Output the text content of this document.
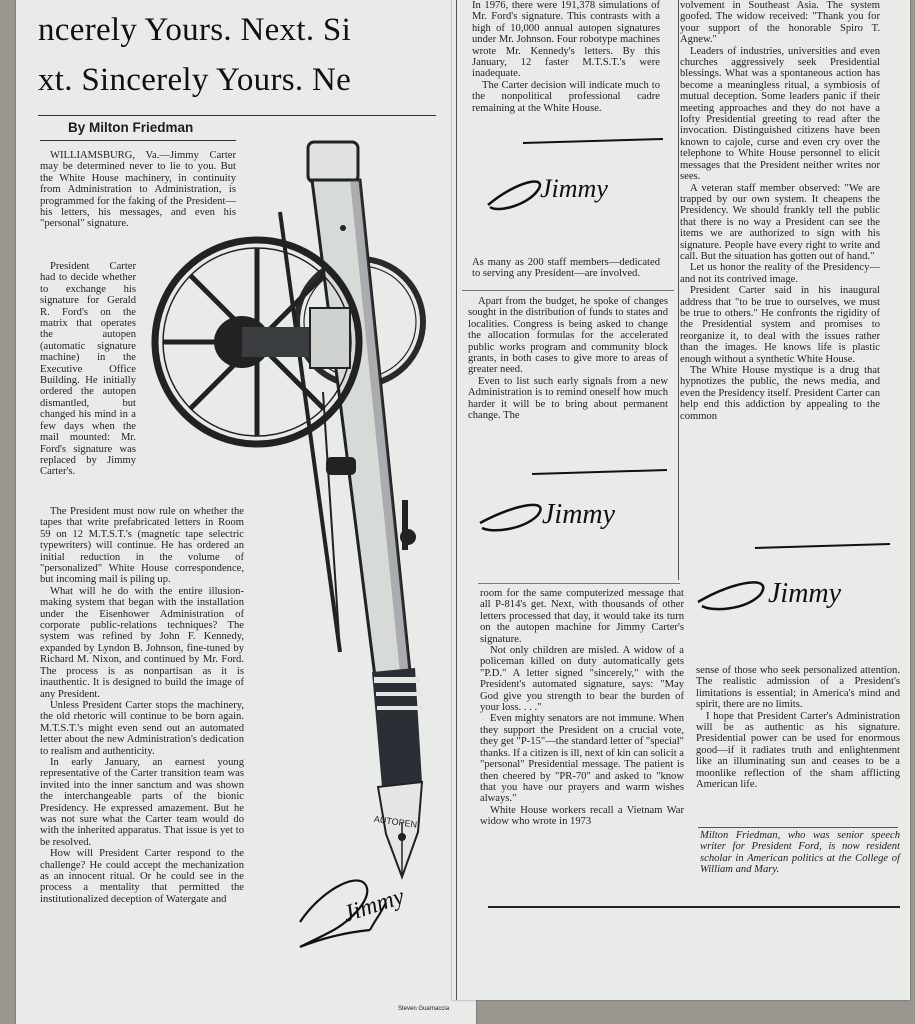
ncerely Yours. Next. Si
xt. Sincerely Yours. Ne
By Milton Friedman

WILLIAMSBURG, Va.—Jimmy Carter may be determined never to lie to you. But the White House machinery, in continuity from Administration to Administration, is programmed for the faking of the President—his letters, his messages, and even his "personal" signature.

President Carter had to decide whether to exchange his signature for Gerald R. Ford's on the matrix that operates the autopen (automatic signature machine) in the Executive Office Building. He initially ordered the autopen dismantled, but changed his mind in a few days when the mail mounted: Mr. Ford's signature was replaced by Jimmy Carter's.

The President must now rule on whether the tapes that write prefabricated letters in Room 59 on 12 M.T.S.T.'s (magnetic tape selectric typewriters) will continue. He has ordered an initial reduction in the volume of "personalized" White House correspondence, but incoming mail is piling up.

What will he do with the entire illusion-making system that began with the installation under the Eisenhower Administration of corporate public-relations techniques? The system was refined by John F. Kennedy, expanded by Lyndon B. Johnson, fine-tuned by Richard M. Nixon, and continued by Mr. Ford. The process is as nonpartisan as it is inauthentic. It is designed to build the image of any President.

Unless President Carter stops the machinery, the old rhetoric will continue to be born again. M.T.S.T.'s might even send out an automated letter about the new Administration's dedication to realism and authenticity.

In early January, an earnest young representative of the Carter transition team was invited into the inner sanctum and was shown the interchangeable parts of the bionic Presidency. He expressed amazement. But he was not sure what the Carter team would do with the inherited apparatus. That issue is yet to be resolved.

How will President Carter respond to the challenge? He could accept the mechanization as an innocent ritual. Or he could see in the process a mentality that permitted the institutionalized deception of Watergate and

AUTOPEN
Jimmy
Steven Guarnaccia

In 1976, there were 191,378 simulations of Mr. Ford's signature. This contrasts with a high of 10,000 annual autopen signatures under Mr. Johnson. Four robotype machines wrote Mr. Kennedy's letters. By this January, 12 faster M.T.S.T.'s were inadequate.

The Carter decision will indicate much to the nonpolitical professional cadre remaining at the White House.

Jimmy

As many as 200 staff members—dedicated to serving any President—are involved.

Apart from the budget, he spoke of changes sought in the distribution of funds to states and localities. Congress is being asked to change the allocation formulas for the accelerated public works program and community block grants, in both cases to give more to areas of greater need.

Even to list such early signals from a new Administration is to remind oneself how much harder it will be to bring about permanent change. The

Jimmy

room for the same computerized message that all P-814's get. Next, with thousands of other letters processed that day, it would take its turn on the autopen machine for Jimmy Carter's signature.

Not only children are misled. A widow of a policeman killed on duty automatically gets "P.D." A letter signed "sincerely," with the President's automated signature, says: "May God give you strength to bear the burden of your loss. . . ."

Even mighty senators are not immune. When they support the President on a crucial vote, they get "P-15"—the standard letter of "special" thanks. If a citizen is ill, next of kin can solicit a "personal" Presidential message. The patient is then cheered by "PR-70" and asked to "know that you have our prayers and warm wishes always."

White House workers recall a Vietnam War widow who wrote in 1973

volvement in Southeast Asia. The system goofed. The widow received: "Thank you for your support of the honorable Spiro T. Agnew."

Leaders of industries, universities and even churches aggressively seek Presidential blessings. What was a spontaneous action has become a meaningless ritual, a symbiosis of mutual deception. Some leaders panic if their meeting approaches and they do not have a lofty Presidential greeting to read after the invocation. Distinguished citizens have been known to cajole, curse and even cry over the telephone to White House personnel to elicit messages that the President neither writes nor sees.

A veteran staff member observed: "We are trapped by our own system. It cheapens the Presidency. We should frankly tell the public that there is no way a President can see the items we are authorized to sign with his signature. People have every right to write and call. But the situation has gotten out of hand."

Let us honor the reality of the Presidency—and not its contrived image.

President Carter said in his inaugural address that "to be true to ourselves, we must be true to others." He confronts the rigidity of the Presidential system and promises to reorganize it, to deal with the issues rather than the images. He knows life is plastic enough without a synthetic White House.

The White House mystique is a drug that hypnotizes the public, the news media, and even the Presidency itself. President Carter can help end this addiction by appealing to the common

Jimmy

sense of those who seek personalized attention. The realistic admission of a President's limitations is essential; in America's mind and spirit, there are no limits.

I hope that President Carter's Administration will be as authentic as his signature. Presidential power can be used for enormous good—if it radiates truth and enlightenment like an illuminating sun and ceases to be a moonlike reflection of the sham afflicting American life.

Milton Friedman, who was senior speech writer for President Ford, is now resident scholar in American politics at the College of William and Mary.
